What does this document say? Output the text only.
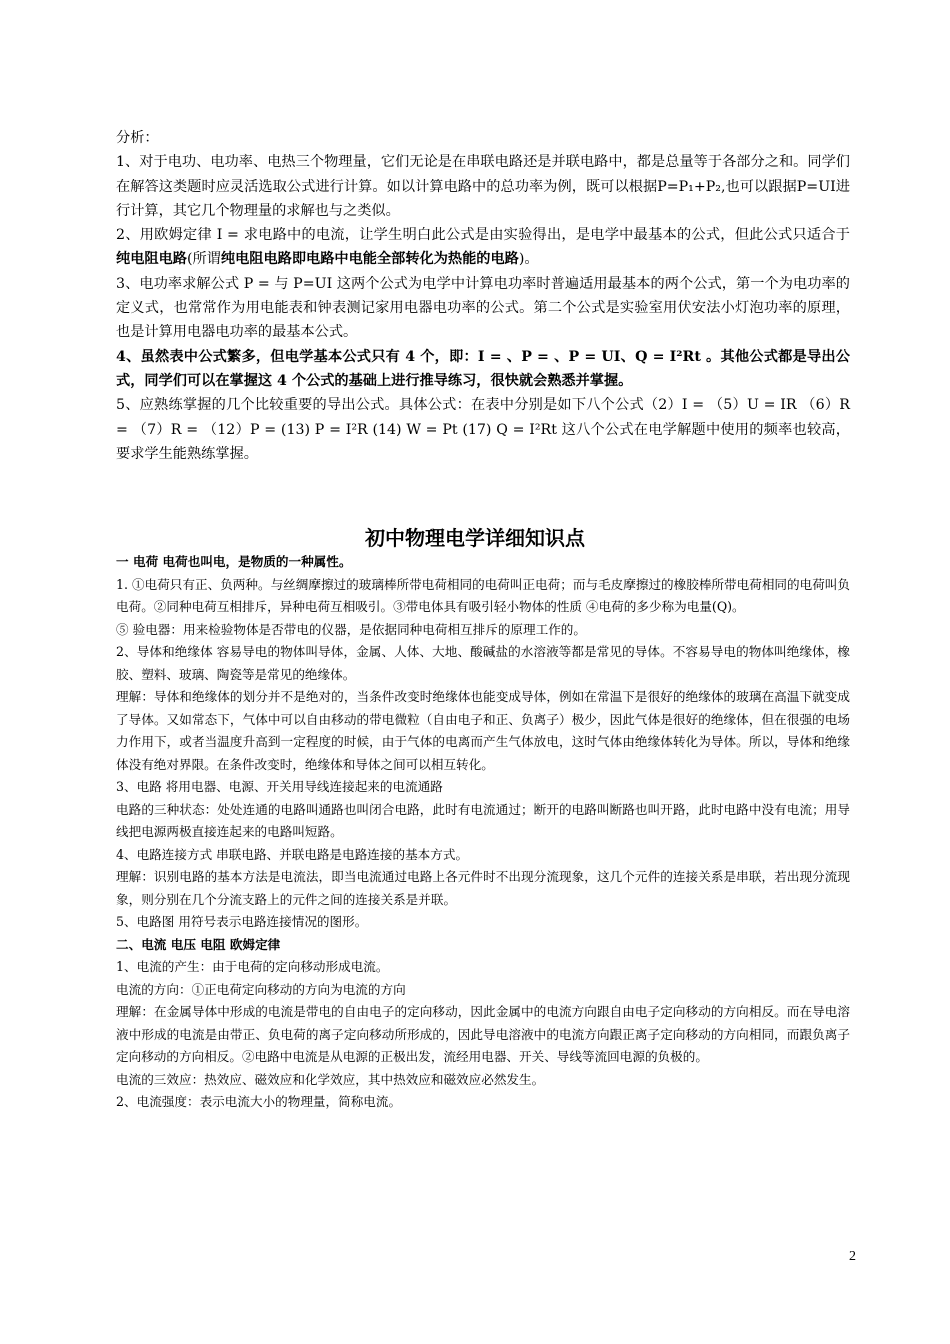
分析：

1、对于电功、电功率、电热三个物理量，它们无论是在串联电路还是并联电路中，都是总量等于各部分之和。同学们在解答这类题时应灵活选取公式进行计算。如以计算电路中的总功率为例，既可以根据P=P₁+P₂,也可以跟据P=UI进行计算，其它几个物理量的求解也与之类似。

2、用欧姆定律 I = 求电路中的电流，让学生明白此公式是由实验得出，是电学中最基本的公式，但此公式只适合于纯电阻电路(所谓纯电阻电路即电路中电能全部转化为热能的电路)。

3、电功率求解公式 P = 与 P=UI 这两个公式为电学中计算电功率时普遍适用最基本的两个公式，第一个为电功率的定义式，也常常作为用电能表和钟表测记家用电器电功率的公式。第二个公式是实验室用伏安法小灯泡功率的原理，也是计算用电器电功率的最基本公式。

4、虽然表中公式繁多，但电学基本公式只有 4 个，即：I = 、P = 、P = UI、Q = I²Rt 。其他公式都是导出公式，同学们可以在掌握这 4 个公式的基础上进行推导练习，很快就会熟悉并掌握。

5、应熟练掌握的几个比较重要的导出公式。具体公式：在表中分别是如下八个公式（2）I = （5）U = IR （6）R = （7）R = （12）P = (13) P = I²R (14) W = Pt (17) Q = I²Rt 这八个公式在电学解题中使用的频率也较高，要求学生能熟练掌握。

初中物理电学详细知识点

一 电荷 电荷也叫电，是物质的一种属性。

1. ①电荷只有正、负两种。与丝绸摩擦过的玻璃棒所带电荷相同的电荷叫正电荷；而与毛皮摩擦过的橡胶棒所带电荷相同的电荷叫负电荷。②同种电荷互相排斥，异种电荷互相吸引。③带电体具有吸引轻小物体的性质 ④电荷的多少称为电量(Q)。

⑤ 验电器：用来检验物体是否带电的仪器，是依据同种电荷相互排斥的原理工作的。

2、导体和绝缘体 容易导电的物体叫导体，金属、人体、大地、酸碱盐的水溶液等都是常见的导体。不容易导电的物体叫绝缘体，橡胶、塑料、玻璃、陶瓷等是常见的绝缘体。

理解：导体和绝缘体的划分并不是绝对的，当条件改变时绝缘体也能变成导体，例如在常温下是很好的绝缘体的玻璃在高温下就变成了导体。又如常态下，气体中可以自由移动的带电微粒（自由电子和正、负离子）极少，因此气体是很好的绝缘体，但在很强的电场力作用下，或者当温度升高到一定程度的时候，由于气体的电离而产生气体放电，这时气体由绝缘体转化为导体。所以，导体和绝缘体没有绝对界限。在条件改变时，绝缘体和导体之间可以相互转化。

3、电路 将用电器、电源、开关用导线连接起来的电流通路

电路的三种状态：处处连通的电路叫通路也叫闭合电路，此时有电流通过；断开的电路叫断路也叫开路，此时电路中没有电流；用导线把电源两极直接连起来的电路叫短路。

4、电路连接方式 串联电路、并联电路是电路连接的基本方式。

理解：识别电路的基本方法是电流法，即当电流通过电路上各元件时不出现分流现象，这几个元件的连接关系是串联，若出现分流现象，则分别在几个分流支路上的元件之间的连接关系是并联。

5、电路图 用符号表示电路连接情况的图形。

二、电流 电压 电阻 欧姆定律

1、电流的产生：由于电荷的定向移动形成电流。

电流的方向：①正电荷定向移动的方向为电流的方向

理解：在金属导体中形成的电流是带电的自由电子的定向移动，因此金属中的电流方向跟自由电子定向移动的方向相反。而在导电溶液中形成的电流是由带正、负电荷的离子定向移动所形成的，因此导电溶液中的电流方向跟正离子定向移动的方向相同，而跟负离子定向移动的方向相反。②电路中电流是从电源的正极出发，流经用电器、开关、导线等流回电源的负极的。

电流的三效应：热效应、磁效应和化学效应，其中热效应和磁效应必然发生。

2、电流强度：表示电流大小的物理量，简称电流。

2
